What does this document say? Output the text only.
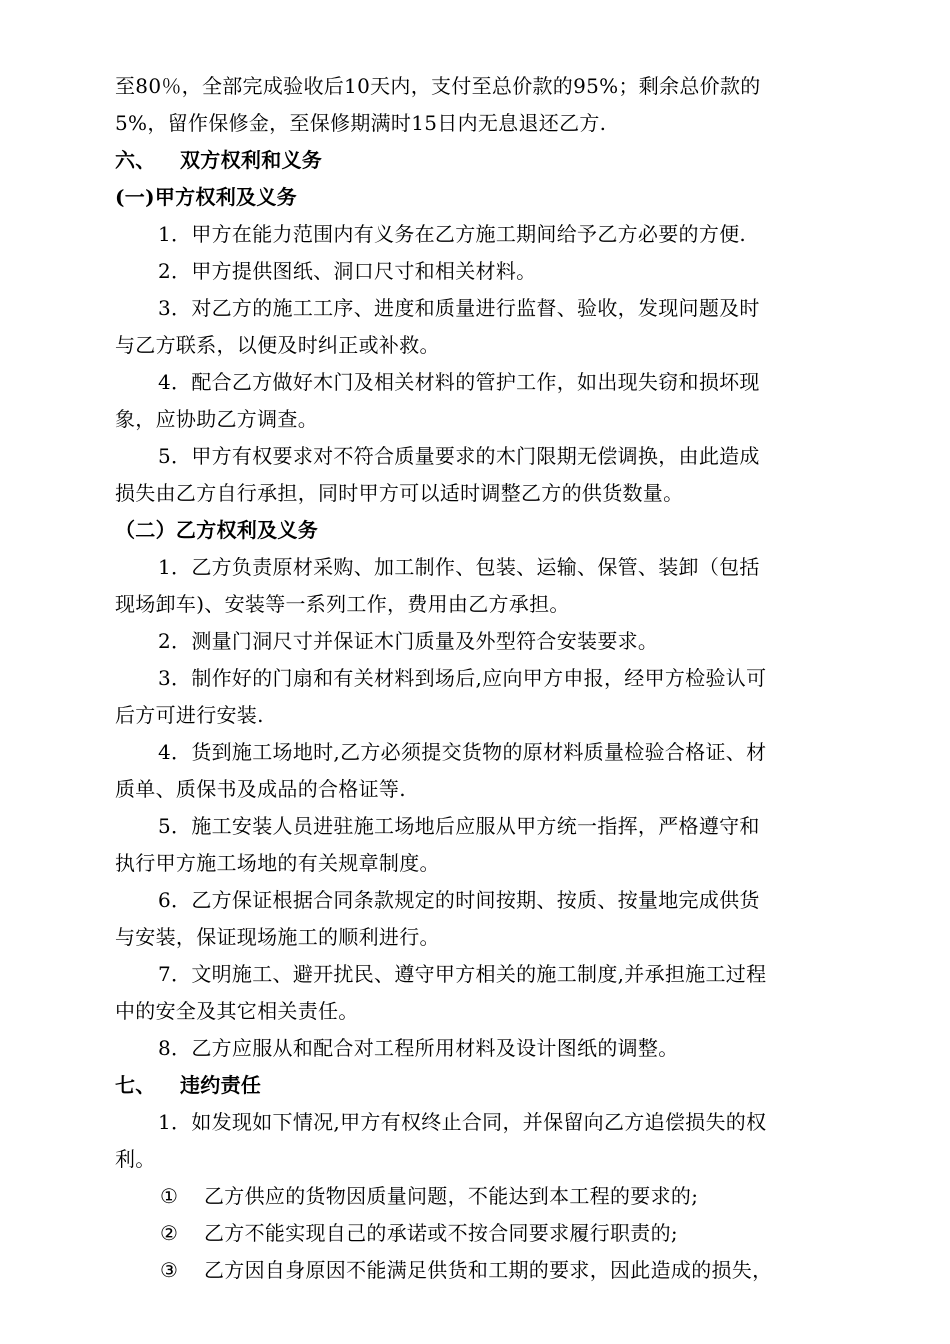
至80％，全部完成验收后10天内，支付至总价款的95%；剩余总价款的
5%，留作保修金，至保修期满时15日内无息退还乙方.
六、 双方权利和义务
(一)甲方权利及义务
1．甲方在能力范围内有义务在乙方施工期间给予乙方必要的方便.
2．甲方提供图纸、洞口尺寸和相关材料。
3．对乙方的施工工序、进度和质量进行监督、验收，发现问题及时
与乙方联系，以便及时纠正或补救。
4．配合乙方做好木门及相关材料的管护工作，如出现失窃和损坏现
象，应协助乙方调查。
5．甲方有权要求对不符合质量要求的木门限期无偿调换，由此造成
损失由乙方自行承担，同时甲方可以适时调整乙方的供货数量。
（二）乙方权利及义务
1．乙方负责原材采购、加工制作、包装、运输、保管、装卸（包括
现场卸车)、安装等一系列工作，费用由乙方承担。
2．测量门洞尺寸并保证木门质量及外型符合安装要求。
3．制作好的门扇和有关材料到场后,应向甲方申报，经甲方检验认可
后方可进行安装.
4．货到施工场地时,乙方必须提交货物的原材料质量检验合格证、材
质单、质保书及成品的合格证等.
5．施工安装人员进驻施工场地后应服从甲方统一指挥，严格遵守和
执行甲方施工场地的有关规章制度。
6．乙方保证根据合同条款规定的时间按期、按质、按量地完成供货
与安装，保证现场施工的顺利进行。
7．文明施工、避开扰民、遵守甲方相关的施工制度,并承担施工过程
中的安全及其它相关责任。
8．乙方应服从和配合对工程所用材料及设计图纸的调整。
七、 违约责任
1．如发现如下情况,甲方有权终止合同，并保留向乙方追偿损失的权
利。
① 乙方供应的货物因质量问题，不能达到本工程的要求的;
② 乙方不能实现自己的承诺或不按合同要求履行职责的;
③ 乙方因自身原因不能满足供货和工期的要求，因此造成的损失，
